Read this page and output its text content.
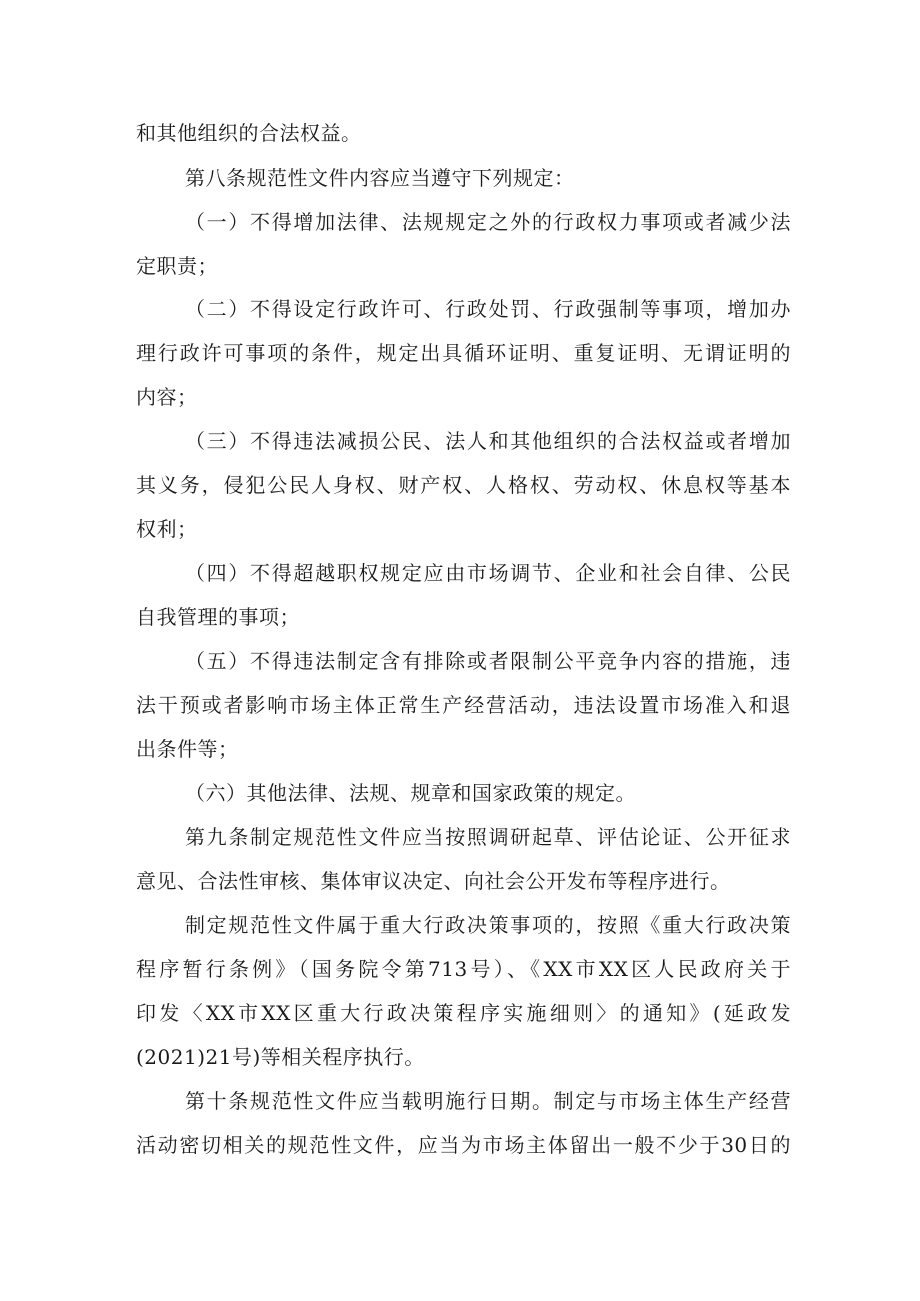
和其他组织的合法权益。
第八条规范性文件内容应当遵守下列规定：
（一）不得增加法律、法规规定之外的行政权力事项或者减少法
定职责；
（二）不得设定行政许可、行政处罚、行政强制等事项，增加办
理行政许可事项的条件，规定出具循环证明、重复证明、无谓证明的
内容；
（三）不得违法减损公民、法人和其他组织的合法权益或者增加
其义务，侵犯公民人身权、财产权、人格权、劳动权、休息权等基本
权利；
（四）不得超越职权规定应由市场调节、企业和社会自律、公民
自我管理的事项；
（五）不得违法制定含有排除或者限制公平竞争内容的措施，违
法干预或者影响市场主体正常生产经营活动，违法设置市场准入和退
出条件等；
（六）其他法律、法规、规章和国家政策的规定。
第九条制定规范性文件应当按照调研起草、评估论证、公开征求
意见、合法性审核、集体审议决定、向社会公开发布等程序进行。
制定规范性文件属于重大行政决策事项的，按照《重大行政决策
程序暂行条例》（国务院令第713号）、《XX市XX区人民政府关于
印发〈XX市XX区重大行政决策程序实施细则〉的通知》(延政发
(2021)21号)等相关程序执行。
第十条规范性文件应当载明施行日期。制定与市场主体生产经营
活动密切相关的规范性文件，应当为市场主体留出一般不少于30日的
